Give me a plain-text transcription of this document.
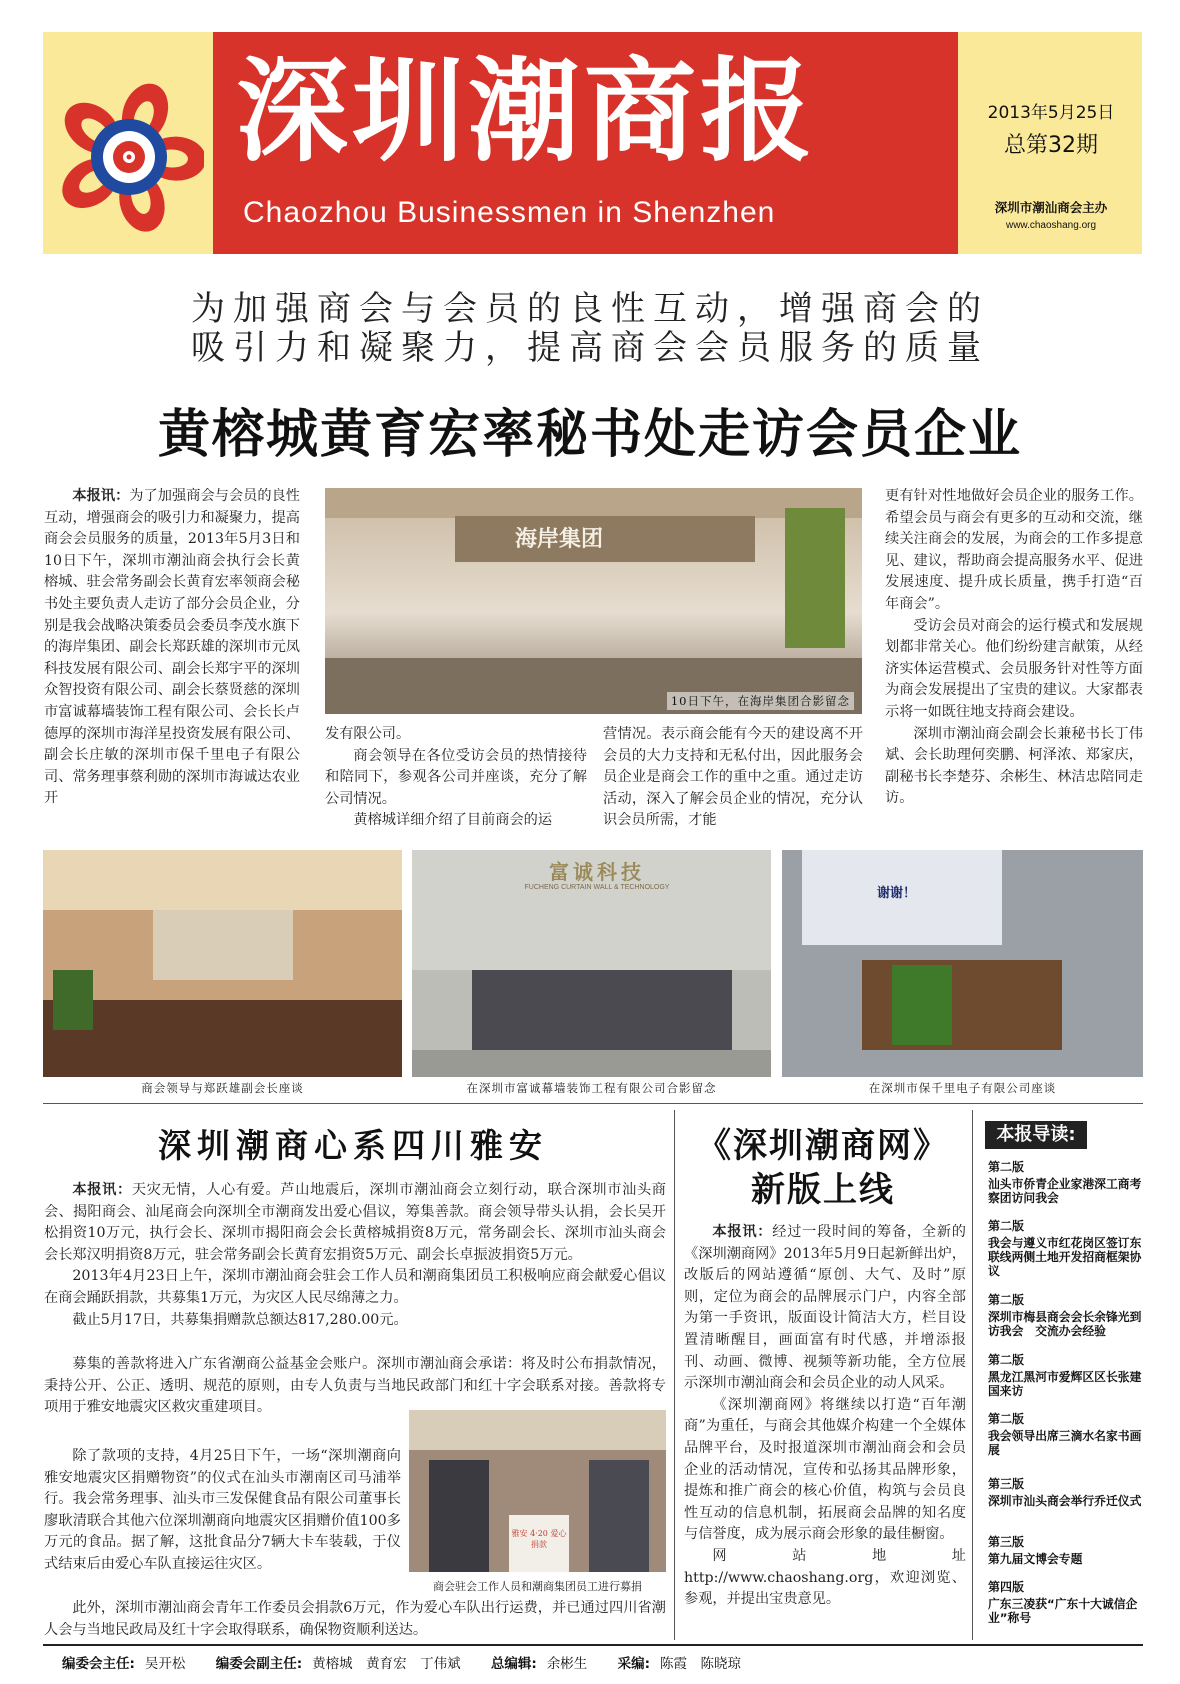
深圳潮商报
Chaozhou Businessmen in Shenzhen
2013年5月25日
总第32期
深圳市潮汕商会主办
www.chaoshang.org
为加强商会与会员的良性互动，增强商会的
吸引力和凝聚力，提高商会会员服务的质量
黄榕城黄育宏率秘书处走访会员企业

本报讯：为了加强商会与会员的良性互动，增强商会的吸引力和凝聚力，提高商会会员服务的质量，2013年5月3日和10日下午，深圳市潮汕商会执行会长黄榕城、驻会常务副会长黄育宏率领商会秘书处主要负责人走访了部分会员企业，分别是我会战略决策委员会委员李茂水旗下的海岸集团、副会长郑跃雄的深圳市元凤科技发展有限公司、副会长郑宇平的深圳众智投资有限公司、副会长蔡贤慈的深圳市富诚幕墙装饰工程有限公司、会长长卢德厚的深圳市海洋星投资发展有限公司、副会长庄敏的深圳市保千里电子有限公司、常务理事蔡利勋的深圳市海诚达农业开

海岸集团
10日下午，在海岸集团合影留念

发有限公司。

商会领导在各位受访会员的热情接待和陪同下，参观各公司并座谈，充分了解公司情况。

黄榕城详细介绍了目前商会的运

营情况。表示商会能有今天的建设离不开会员的大力支持和无私付出，因此服务会员企业是商会工作的重中之重。通过走访活动，深入了解会员企业的情况，充分认识会员所需，才能

更有针对性地做好会员企业的服务工作。希望会员与商会有更多的互动和交流，继续关注商会的发展，为商会的工作多提意见、建议，帮助商会提高服务水平、促进发展速度、提升成长质量，携手打造“百年商会”。

受访会员对商会的运行模式和发展规划都非常关心。他们纷纷建言献策，从经济实体运营模式、会员服务针对性等方面为商会发展提出了宝贵的建议。大家都表示将一如既往地支持商会建设。

深圳市潮汕商会副会长兼秘书长丁伟斌、会长助理何奕鹏、柯泽浓、郑家庆，副秘书长李楚芬、余彬生、林洁忠陪同走访。

富诚科技
FUCHENG CURTAIN WALL & TECHNOLOGY	谢谢！
商会领导与郑跃雄副会长座谈	在深圳市富诚幕墙装饰工程有限公司合影留念	在深圳市保千里电子有限公司座谈
深圳潮商心系四川雅安

本报讯：天灾无情，人心有爱。芦山地震后，深圳市潮汕商会立刻行动，联合深圳市汕头商会、揭阳商会、汕尾商会向深圳全市潮商发出爱心倡议，筹集善款。商会领导带头认捐，会长吴开松捐资10万元，执行会长、深圳市揭阳商会会长黄榕城捐资8万元，常务副会长、深圳市汕头商会会长郑汉明捐资8万元，驻会常务副会长黄育宏捐资5万元、副会长卓振波捐资5万元。

2013年4月23日上午，深圳市潮汕商会驻会工作人员和潮商集团员工积极响应商会献爱心倡议在商会踊跃捐款，共募集1万元，为灾区人民尽绵薄之力。

截止5月17日，共募集捐赠款总额达817,280.00元。

募集的善款将进入广东省潮商公益基金会账户。深圳市潮汕商会承诺：将及时公布捐款情况，秉持公开、公正、透明、规范的原则，由专人负责与当地民政部门和红十字会联系对接。善款将专项用于雅安地震灾区救灾重建项目。

除了款项的支持，4月25日下午，一场“深圳潮商向雅安地震灾区捐赠物资”的仪式在汕头市潮南区司马浦举行。我会常务理事、汕头市三发保健食品有限公司董事长廖耿清联合其他六位深圳潮商向地震灾区捐赠价值100多万元的食品。据了解，这批食品分7辆大卡车装载，于仪式结束后由爱心车队直接运往灾区。

雅安 4·20 爱心捐款
商会驻会工作人员和潮商集团员工进行募捐

此外，深圳市潮汕商会青年工作委员会捐款6万元，作为爱心车队出行运费，并已通过四川省潮人会与当地民政局及红十字会取得联系，确保物资顺利送达。

《深圳潮商网》
新版上线

本报讯：经过一段时间的筹备，全新的《深圳潮商网》2013年5月9日起新鲜出炉，改版后的网站遵循“原创、大气、及时”原则，定位为商会的品牌展示门户，内容全部为第一手资讯，版面设计简洁大方，栏目设置清晰醒目，画面富有时代感，并增添报刊、动画、微博、视频等新功能，全方位展示深圳市潮汕商会和会员企业的动人风采。

《深圳潮商网》将继续以打造“百年潮商”为重任，与商会其他媒介构建一个全媒体品牌平台，及时报道深圳市潮汕商会和会员企业的活动情况，宣传和弘扬其品牌形象，提炼和推广商会的核心价值，构筑与会员良性互动的信息机制，拓展商会品牌的知名度与信誉度，成为展示商会形象的最佳橱窗。

网站地址http://www.chaoshang.org，欢迎浏览、参观，并提出宝贵意见。

本报导读:
第二版
汕头市侨青企业家港深工商考察团访问我会
第二版
我会与遵义市红花岗区签订东联线两侧土地开发招商框架协议
第二版
深圳市梅县商会会长余锋光到访我会　交流办会经验
第二版
黑龙江黑河市爱辉区区长张建国来访
第二版
我会领导出席三滴水名家书画展
第三版
深圳市汕头商会举行乔迁仪式
第三版
第九届文博会专题
第四版
广东三凌获“广东十大诚信企业”称号
编委会主任: 吴开松 编委会副主任: 黄榕城　黄育宏　丁伟斌 总编辑: 余彬生 采编: 陈霞　陈晓琼
